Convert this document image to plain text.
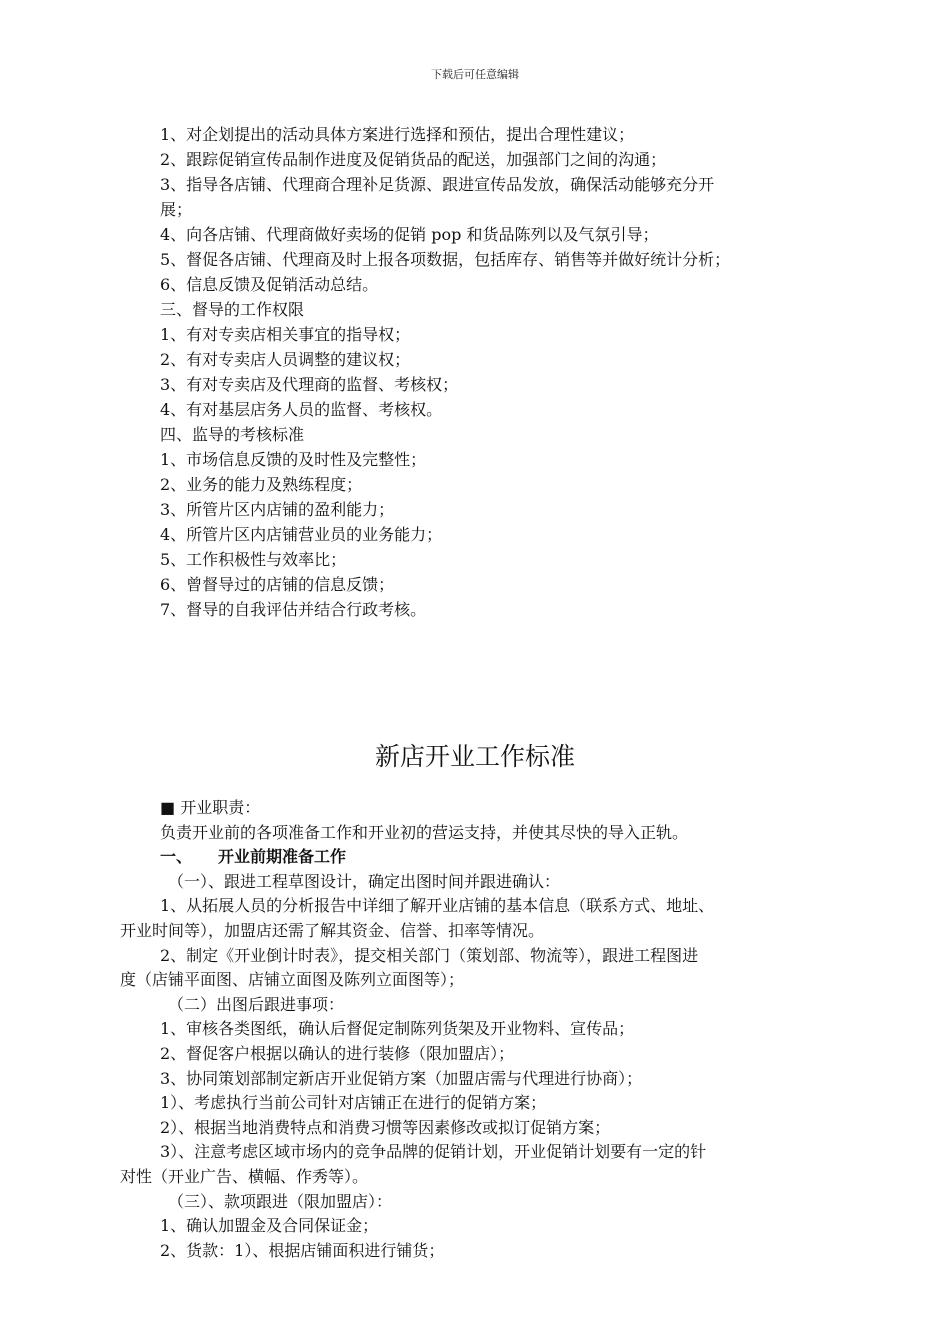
下载后可任意编辑
1、对企划提出的活动具体方案进行选择和预估，提出合理性建议；
2、跟踪促销宣传品制作进度及促销货品的配送，加强部门之间的沟通；
3、指导各店铺、代理商合理补足货源、跟进宣传品发放，确保活动能够充分开
展；
4、向各店铺、代理商做好卖场的促销 pop 和货品陈列以及气氛引导；
5、督促各店铺、代理商及时上报各项数据，包括库存、销售等并做好统计分析；
6、信息反馈及促销活动总结。
三、督导的工作权限
1、有对专卖店相关事宜的指导权；
2、有对专卖店人员调整的建议权；
3、有对专卖店及代理商的监督、考核权；
4、有对基层店务人员的监督、考核权。
四、监导的考核标准
1、市场信息反馈的及时性及完整性；
2、业务的能力及熟练程度；
3、所管片区内店铺的盈利能力；
4、所管片区内店铺营业员的业务能力；
5、工作积极性与效率比；
6、曾督导过的店铺的信息反馈；
7、督导的自我评估并结合行政考核。
新店开业工作标准
■ 开业职责：
负责开业前的各项准备工作和开业初的营运支持，并使其尽快的导入正轨。
一、 开业前期准备工作
（一）、跟进工程草图设计，确定出图时间并跟进确认：
1、从拓展人员的分析报告中详细了解开业店铺的基本信息（联系方式、地址、
开业时间等），加盟店还需了解其资金、信誉、扣率等情况。
2、制定《开业倒计时表》，提交相关部门（策划部、物流等），跟进工程图进
度（店铺平面图、店铺立面图及陈列立面图等）；
（二）出图后跟进事项：
1、审核各类图纸，确认后督促定制陈列货架及开业物料、宣传品；
2、督促客户根据以确认的进行装修（限加盟店）；
3、协同策划部制定新店开业促销方案（加盟店需与代理进行协商）；
1）、考虑执行当前公司针对店铺正在进行的促销方案；
2）、根据当地消费特点和消费习惯等因素修改或拟订促销方案；
3）、注意考虑区域市场内的竞争品牌的促销计划，开业促销计划要有一定的针
对性（开业广告、横幅、作秀等）。
（三）、款项跟进（限加盟店）：
1、确认加盟金及合同保证金；
2、货款：1）、根据店铺面积进行铺货；
